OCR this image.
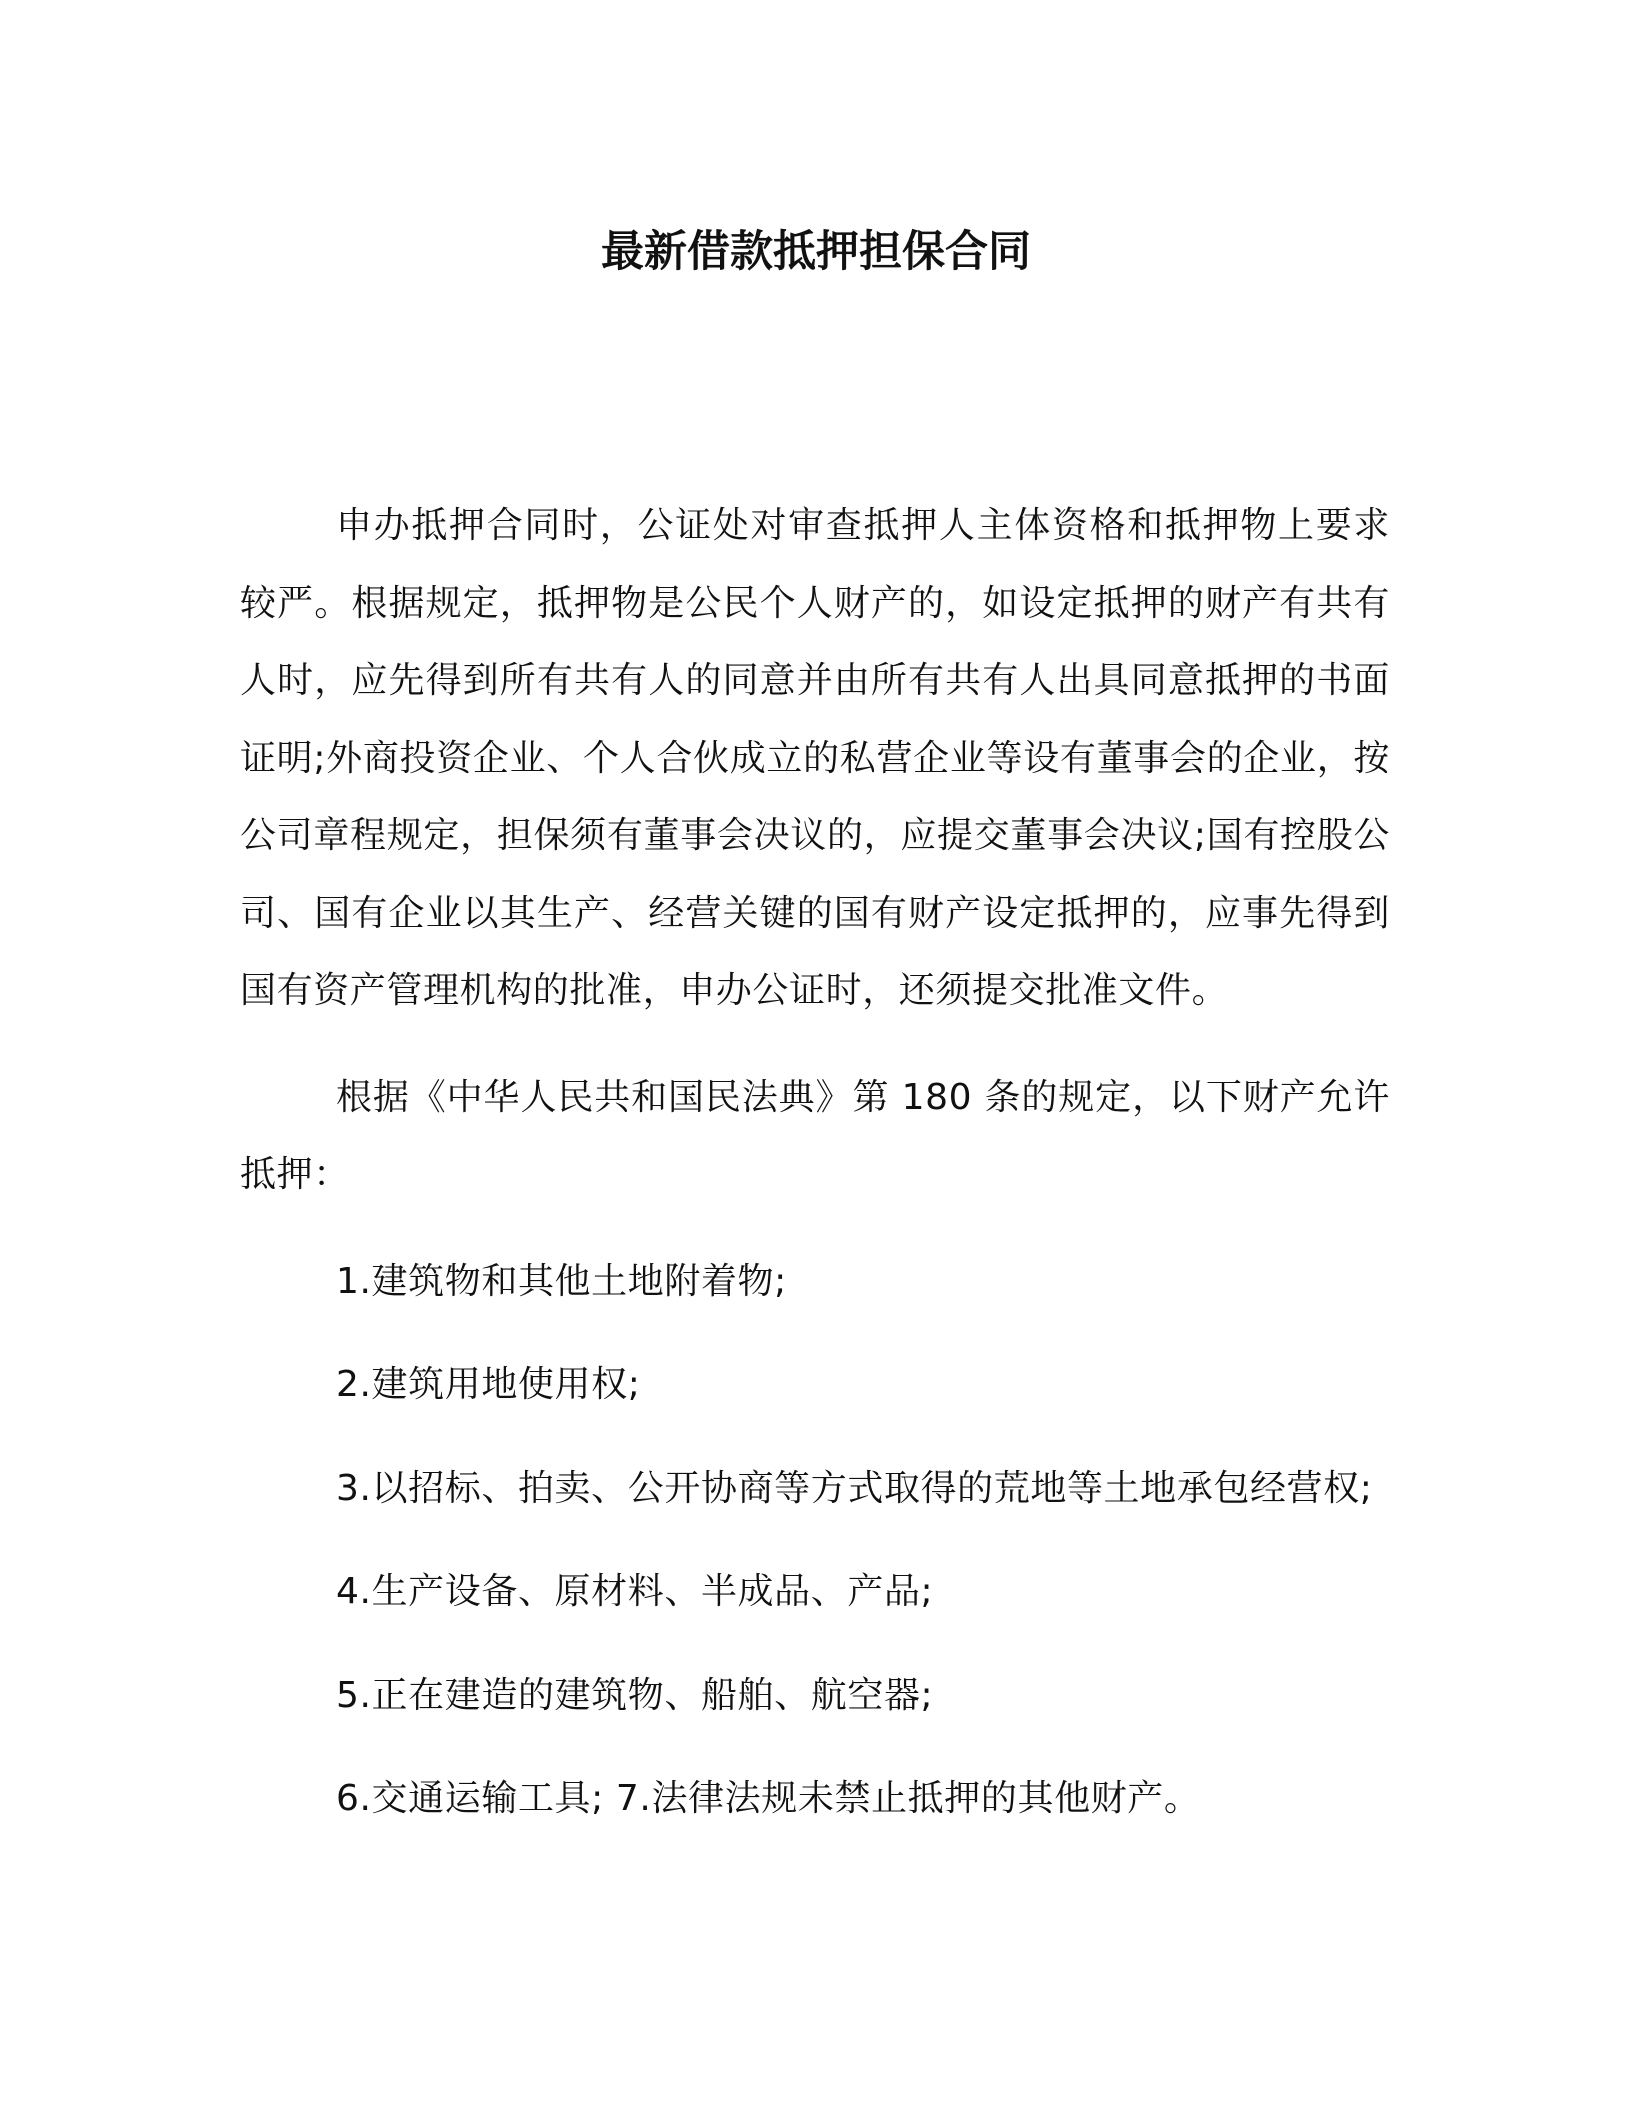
最新借款抵押担保合同

申办抵押合同时，公证处对审查抵押人主体资格和抵押物上要求较严。根据规定，抵押物是公民个人财产的，如设定抵押的财产有共有人时，应先得到所有共有人的同意并由所有共有人出具同意抵押的书面证明;外商投资企业、个人合伙成立的私营企业等设有董事会的企业，按公司章程规定，担保须有董事会决议的，应提交董事会决议;国有控股公司、国有企业以其生产、经营关键的国有财产设定抵押的，应事先得到国有资产管理机构的批准，申办公证时，还须提交批准文件。

根据《中华人民共和国民法典》第 180 条的规定，以下财产允许抵押：

1.建筑物和其他土地附着物;

2.建筑用地使用权;

3.以招标、拍卖、公开协商等方式取得的荒地等土地承包经营权;

4.生产设备、原材料、半成品、产品;

5.正在建造的建筑物、船舶、航空器;

6.交通运输工具; 7.法律法规未禁止抵押的其他财产。
